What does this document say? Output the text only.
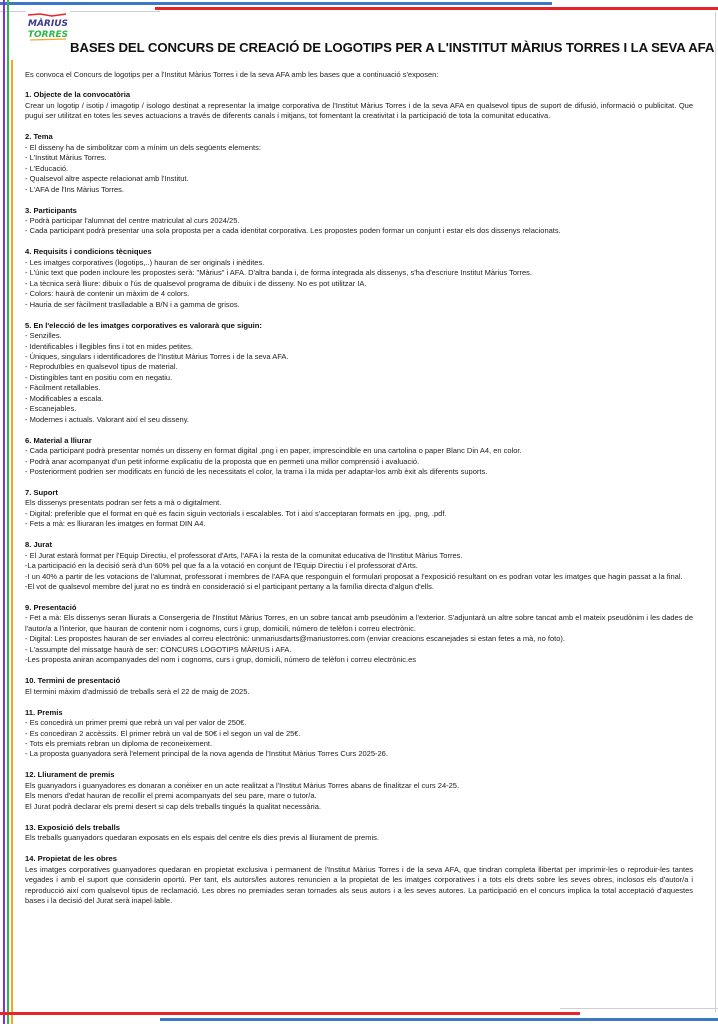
MÀRIUS
TORRES
BASES DEL CONCURS DE CREACIÓ DE LOGOTIPS PER A L'INSTITUT MÀRIUS TORRES I LA SEVA AFA

Es convoca el Concurs de logotips per a l'Institut Màrius Torres i de la seva AFA amb les bases que a continuació s'exposen:

1. Objecte de la convocatòria

Crear un logotip / isotip / imagotip / isologo destinat a representar la imatge corporativa de l'Institut Màrius Torres i de la seva AFA en qualsevol tipus de suport de difusió, informació o publicitat. Que pugui ser utilitzat en totes les seves actuacions a través de diferents canals i mitjans, tot fomentant la creativitat i la participació de tota la comunitat educativa.

2. Tema
- El disseny ha de simbolitzar com a mínim un dels següents elements:
- L'Institut Màrius Torres.
- L'Educació.
- Qualsevol altre aspecte relacionat amb l'Institut.
- L'AFA de l'Ins Màrius Torres.
3. Participants
- Podrà participar l'alumnat del centre matriculat al curs 2024/25.
- Cada participant podrà presentar una sola proposta per a cada identitat corporativa. Les propostes poden formar un conjunt i estar els dos dissenys relacionats.
4. Requisits i condicions tècniques
- Les imatges corporatives (logotips,..) hauran de ser originals i inèdites.
- L'únic text que poden incloure les propostes serà: "Màrius" i AFA. D'altra banda i, de forma integrada als dissenys, s'ha d'escriure Institut Màrius Torres.
- La tècnica serà lliure: dibuix o l'ús de qualsevol programa de dibuix i de disseny. No es pot utilitzar IA.
- Colors: haurà de contenir un màxim de 4 colors.
- Hauria de ser fàcilment traslladable a B/N i a gamma de grisos.
5. En l'elecció de les imatges corporatives es valorarà que siguin:
- Senzilles.
- Identificables i llegibles fins i tot en mides petites.
- Úniques, singulars i identificadores de l'Institut Màrius Torres i de la seva AFA.
- Reproduïbles en qualsevol tipus de material.
- Distingibles tant en positiu com en negatiu.
- Fàcilment retallables.
- Modificables a escala.
- Escanejables.
- Modernes i actuals. Valorant així el seu disseny.
6. Material a lliurar
- Cada participant podrà presentar només un disseny en format digital .png i en paper, imprescindible en una cartolina o paper Blanc Din A4, en color.
- Podrà anar acompanyat d'un petit informe explicatiu de la proposta que en permeti una millor comprensió i avaluació.
- Posteriorment podrien ser modificats en funció de les necessitats el color, la trama i la mida per adaptar-los amb èxit als diferents suports.
7. Suport
Els dissenys presentats podran ser fets a mà o digitalment.
- Digital: preferible que el format en què es facin siguin vectorials i escalables. Tot i així s'acceptaran formats en .jpg, .png, .pdf.
- Fets a mà: es lliuraran les imatges en format DIN A4.
8. Jurat
- El Jurat estarà format per l'Equip Directiu, el professorat d'Arts, l'AFA i la resta de la comunitat educativa de l'Institut Màrius Torres.
-La participació en la decisió serà d'un 60% pel que fa a la votació en conjunt de l'Equip Directiu i el professorat d'Arts.
-I un 40% a partir de les votacions de l'alumnat, professorat i membres de l'AFA que responguin el formulari proposat a l'exposició resultant on es podran votar les imatges que hagin passat a la final.
-El vot de qualsevol membre del jurat no es tindrà en consideració si el participant pertany a la família directa d'algun d'ells.
9. Presentació
- Fet a mà: Els dissenys seran lliurats a Consergeria de l'Institut Màrius Torres, en un sobre tancat amb pseudònim a l'exterior. S'adjuntarà un altre sobre tancat amb el mateix pseudònim i les dades de l'autor/a a l'interior, que hauran de contenir nom i cognoms, curs i grup, domicili, número de telèfon i correu electrònic.
- Digital: Les propostes hauran de ser enviades al correu electrònic: unmariusdarts@mariustorres.com (enviar creacions escanejades si estan fetes a mà, no foto).
- L'assumpte del missatge haurà de ser: CONCURS LOGOTIPS MÀRIUS i AFA.
-Les proposta aniran acompanyades del nom i cognoms, curs i grup, domicili, número de telèfon i correu electrònic.es
10. Termini de presentació
El termini màxim d'admissió de treballs serà el 22 de maig de 2025.
11. Premis
- Es concedirà un primer premi que rebrà un val per valor de 250€.
- Es concediran 2 accèssits. El primer rebrà un val de 50€ i el segon un val de 25€.
- Tots els premiats rebran un diploma de reconeixement.
- La proposta guanyadora serà l'element principal de la nova agenda de l'Institut Màrius Torres Curs 2025-26.
12. Lliurament de premis
Els guanyadors i guanyadores es donaran a conèixer en un acte realitzat a l'Institut Màrius Torres abans de finalitzar el curs 24-25.
Els menors d'edat hauran de recollir el premi acompanyats del seu pare, mare o tutor/a.
El Jurat podrà declarar els premi desert si cap dels treballs tingués la qualitat necessària.
13. Exposició dels treballs
Els treballs guanyadors quedaran exposats en els espais del centre els dies previs al lliurament de premis.
14. Propietat de les obres

Les imatges corporatives guanyadores quedaran en propietat exclusiva i permanent de l'Institut Màrius Torres i de la seva AFA, que tindran completa llibertat per imprimir-les o reproduir-les tantes vegades i amb el suport que considerin oportú. Per tant, els autors/les autores renuncien a la propietat de les imatges corporatives i a tots els drets sobre les seves obres, inclosos els d'autor/a i reproducció així com qualsevol tipus de reclamació. Les obres no premiades seran tornades als seus autors i a les seves autores. La participació en el concurs implica la total acceptació d'aquestes bases i la decisió del Jurat serà inapel·lable.
